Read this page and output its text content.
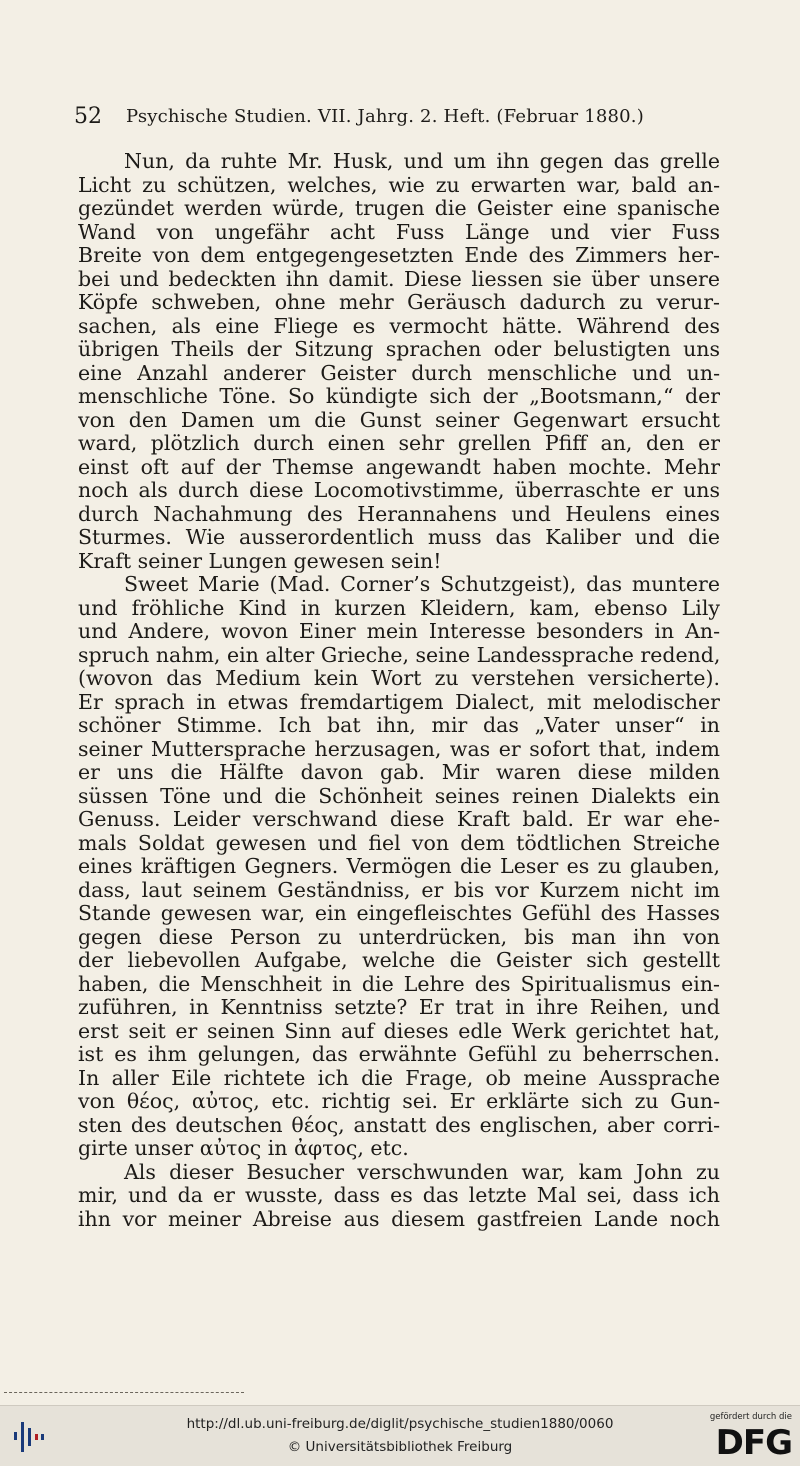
52 Psychische Studien. VII. Jahrg. 2. Heft. (Februar 1880.)
Nun, da ruhte Mr. Husk, und um ihn gegen das grelle
Licht zu schützen, welches, wie zu erwarten war, bald an-
gezündet werden würde, trugen die Geister eine spanische
Wand von ungefähr acht Fuss Länge und vier Fuss
Breite von dem entgegengesetzten Ende des Zimmers her-
bei und bedeckten ihn damit. Diese liessen sie über unsere
Köpfe schweben, ohne mehr Geräusch dadurch zu verur-
sachen, als eine Fliege es vermocht hätte. Während des
übrigen Theils der Sitzung sprachen oder belustigten uns
eine Anzahl anderer Geister durch menschliche und un-
menschliche Töne. So kündigte sich der „Bootsmann,“ der
von den Damen um die Gunst seiner Gegenwart ersucht
ward, plötzlich durch einen sehr grellen Pfiff an, den er
einst oft auf der Themse angewandt haben mochte. Mehr
noch als durch diese Locomotivstimme, überraschte er uns
durch Nachahmung des Herannahens und Heulens eines
Sturmes. Wie ausserordentlich muss das Kaliber und die
Kraft seiner Lungen gewesen sein!
Sweet Marie (Mad. Corner’s Schutzgeist), das muntere
und fröhliche Kind in kurzen Kleidern, kam, ebenso Lily
und Andere, wovon Einer mein Interesse besonders in An-
spruch nahm, ein alter Grieche, seine Landessprache redend,
(wovon das Medium kein Wort zu verstehen versicherte).
Er sprach in etwas fremdartigem Dialect, mit melodischer
schöner Stimme. Ich bat ihn, mir das „Vater unser“ in
seiner Muttersprache herzusagen, was er sofort that, indem
er uns die Hälfte davon gab. Mir waren diese milden
süssen Töne und die Schönheit seines reinen Dialekts ein
Genuss. Leider verschwand diese Kraft bald. Er war ehe-
mals Soldat gewesen und fiel von dem tödtlichen Streiche
eines kräftigen Gegners. Vermögen die Leser es zu glauben,
dass, laut seinem Geständniss, er bis vor Kurzem nicht im
Stande gewesen war, ein eingefleischtes Gefühl des Hasses
gegen diese Person zu unterdrücken, bis man ihn von
der liebevollen Aufgabe, welche die Geister sich gestellt
haben, die Menschheit in die Lehre des Spiritualismus ein-
zuführen, in Kenntniss setzte? Er trat in ihre Reihen, und
erst seit er seinen Sinn auf dieses edle Werk gerichtet hat,
ist es ihm gelungen, das erwähnte Gefühl zu beherrschen.
In aller Eile richtete ich die Frage, ob meine Aussprache
von θέος, αὐτος, etc. richtig sei. Er erklärte sich zu Gun-
sten des deutschen θέος, anstatt des englischen, aber corri-
girte unser αὐτος in ἀφτος, etc.
Als dieser Besucher verschwunden war, kam John zu
mir, und da er wusste, dass es das letzte Mal sei, dass ich
ihn vor meiner Abreise aus diesem gastfreien Lande noch
http://dl.ub.uni-freiburg.de/diglit/psychische_studien1880/0060
© Universitätsbibliothek Freiburg
gefördert durch die
DFG
